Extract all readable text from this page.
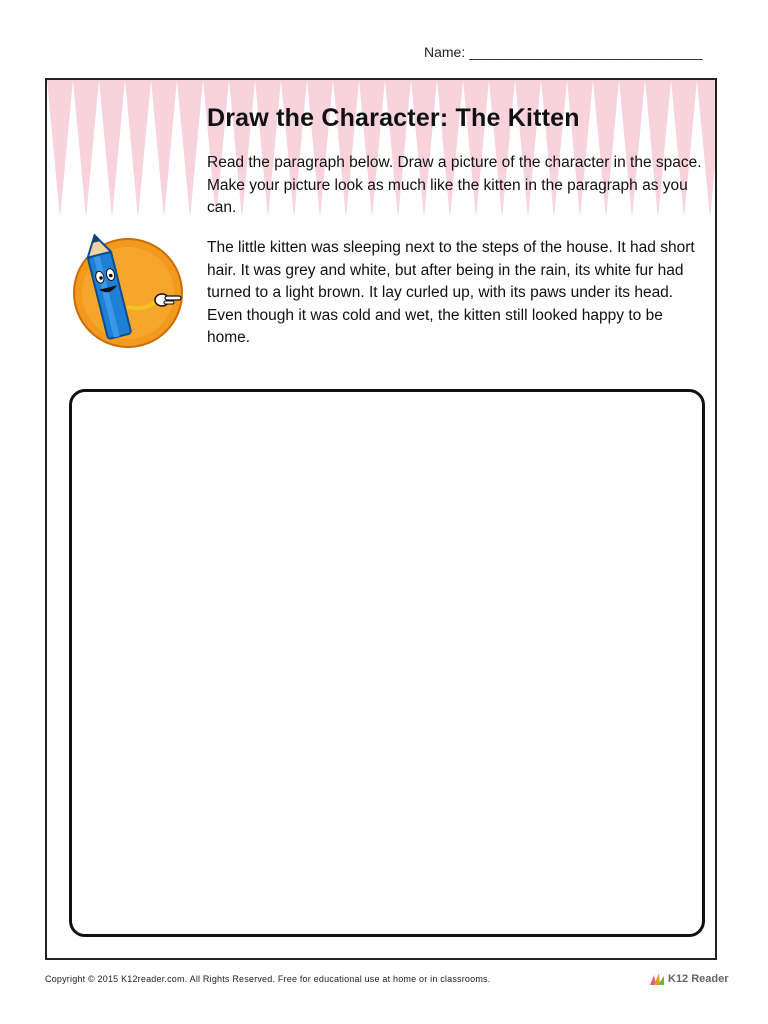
Name: ______________________________
Draw the Character: The Kitten

Read the paragraph below. Draw a picture of the character in the space. Make your picture look as much like the kitten in the paragraph as you can.

The little kitten was sleeping next to the steps of the house. It had short hair. It was grey and white, but after being in the rain, its white fur had turned to a light brown. It lay curled up, with its paws under its head. Even though it was cold and wet, the kitten still looked happy to be home.

Copyright © 2015 K12reader.com. All Rights Reserved. Free for educational use at home or in classrooms.	K12 Reader
